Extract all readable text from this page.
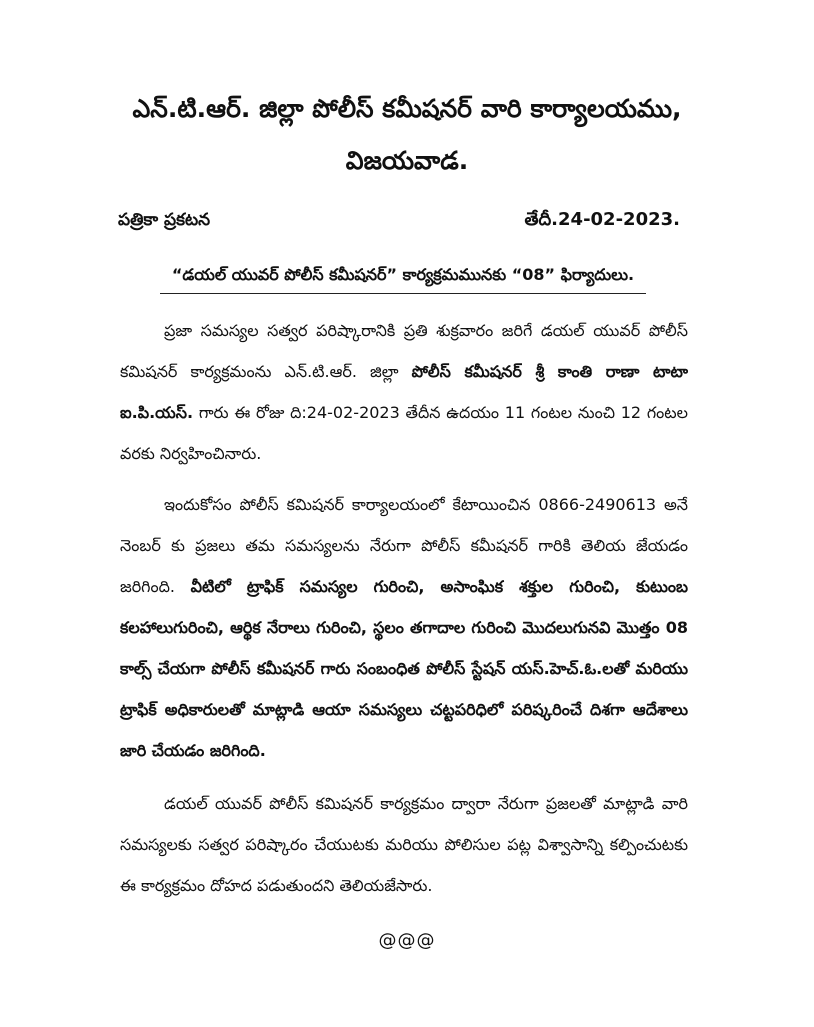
ఎన్.టి.ఆర్. జిల్లా పోలీస్ కమీషనర్ వారి కార్యాలయము,
విజయవాడ.
పత్రికా ప్రకటన	తేదీ.24-02-2023.
“డయల్ యువర్ పోలీస్ కమీషనర్” కార్యక్రమమునకు “08” ఫిర్యాదులు.

ప్రజా సమస్యల సత్వర పరిష్కారానికి ప్రతి శుక్రవారం జరిగే డయల్ యువర్ పోలీస్ కమిషనర్ కార్యక్రమంను ఎన్.టి.ఆర్. జిల్లా పోలీస్ కమీషనర్ శ్రీ కాంతి రాణా టాటా ఐ.పి.యస్. గారు ఈ రోజు ది:24-02-2023 తేదీన ఉదయం 11 గంటల నుంచి 12 గంటల వరకు నిర్వహించినారు.

ఇందుకోసం పోలీస్ కమిషనర్ కార్యాలయంలో కేటాయించిన 0866-2490613 అనే నెంబర్ కు ప్రజలు తమ సమస్యలను నేరుగా పోలీస్ కమీషనర్ గారికి తెలియ జేయడం జరిగింది. వీటిలో ట్రాఫిక్ సమస్యల గురించి, అసాంఘిక శక్తుల గురించి, కుటుంబ కలహాలుగురించి, ఆర్థిక నేరాలు గురించి, స్థలం తగాదాల గురించి మొదలుగునవి మొత్తం 08 కాల్స్ చేయగా పోలీస్ కమీషనర్ గారు సంబంధిత పోలీస్ స్టేషన్ యస్.హెచ్.ఓ.లతో మరియు ట్రాఫిక్ అధికారులతో మాట్లాడి ఆయా సమస్యలు చట్టపరిధిలో పరిష్కరించే దిశగా ఆదేశాలు జారి చేయడం జరిగింది.

డయల్ యువర్ పోలీస్ కమిషనర్ కార్యక్రమం ద్వారా నేరుగా ప్రజలతో మాట్లాడి వారి సమస్యలకు సత్వర పరిష్కారం చేయుటకు మరియు పోలిసుల పట్ల విశ్వాసాన్ని కల్పించుటకు ఈ కార్యక్రమం దోహద పడుతుందని తెలియజేసారు.

@@@
